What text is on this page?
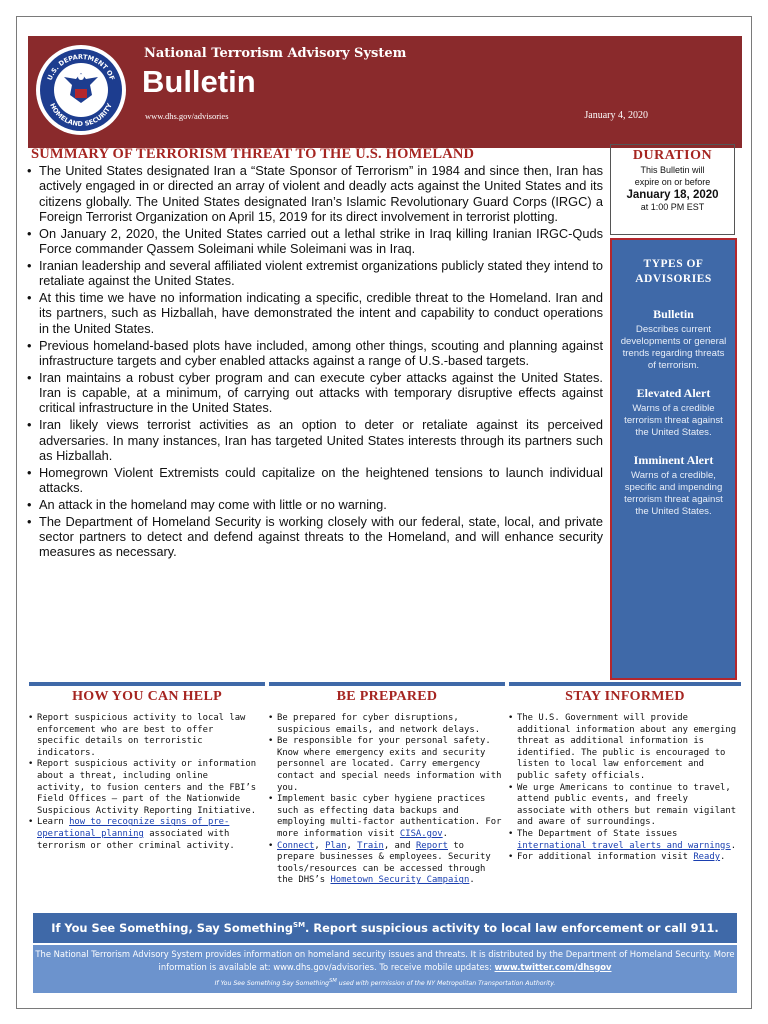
U.S. DEPARTMENT OF
HOMELAND SECURITY
National Terrorism Advisory System
Bulletin
www.dhs.gov/advisories	January 4, 2020
SUMMARY OF TERRORISM THREAT TO THE U.S. HOMELAND
• The United States designated Iran a “State Sponsor of Terrorism” in 1984 and since then, Iran has actively engaged in or directed an array of violent and deadly acts against the United States and its citizens globally. The United States designated Iran’s Islamic Revolutionary Guard Corps (IRGC) a Foreign Terrorist Organization on April 15, 2019 for its direct involvement in terrorist plotting.
• On January 2, 2020, the United States carried out a lethal strike in Iraq killing Iranian IRGC-Quds Force commander Qassem Soleimani while Soleimani was in Iraq.
• Iranian leadership and several affiliated violent extremist organizations publicly stated they intend to retaliate against the United States.
• At this time we have no information indicating a specific, credible threat to the Homeland. Iran and its partners, such as Hizballah, have demonstrated the intent and capability to conduct operations in the United States.
• Previous homeland-based plots have included, among other things, scouting and planning against infrastructure targets and cyber enabled attacks against a range of U.S.-based targets.
• Iran maintains a robust cyber program and can execute cyber attacks against the United States. Iran is capable, at a minimum, of carrying out attacks with temporary disruptive effects against critical infrastructure in the United States.
• Iran likely views terrorist activities as an option to deter or retaliate against its perceived adversaries. In many instances, Iran has targeted United States interests through its partners such as Hizballah.
• Homegrown Violent Extremists could capitalize on the heightened tensions to launch individual attacks.
• An attack in the homeland may come with little or no warning.
• The Department of Homeland Security is working closely with our federal, state, local, and private sector partners to detect and defend against threats to the Homeland, and will enhance security measures as necessary.
DURATION
This Bulletin will
expire on or before
January 18, 2020
at 1:00 PM EST
TYPES OF
ADVISORIES
Bulletin
Describes current developments or general trends regarding threats of terrorism.
Elevated Alert
Warns of a credible terrorism threat against the United States.
Imminent Alert
Warns of a credible, specific and impending terrorism threat against the United States.
HOW YOU CAN HELP
• Report suspicious activity to local law enforcement who are best to offer specific details on terroristic indicators.
• Report suspicious activity or information about a threat, including online activity, to fusion centers and the FBI’s Field Offices – part of the Nationwide Suspicious Activity Reporting Initiative.
• Learn how to recognize signs of pre-operational planning associated with terrorism or other criminal activity.
BE PREPARED
• Be prepared for cyber disruptions, suspicious emails, and network delays.
• Be responsible for your personal safety. Know where emergency exits and security personnel are located. Carry emergency contact and special needs information with you.
• Implement basic cyber hygiene practices such as effecting data backups and employing multi-factor authentication. For more information visit CISA.gov.
• Connect, Plan, Train, and Report to prepare businesses & employees. Security tools/resources can be accessed through the DHS’s Hometown Security Campaign.
STAY INFORMED
• The U.S. Government will provide additional information about any emerging threat as additional information is identified. The public is encouraged to listen to local law enforcement and public safety officials.
• We urge Americans to continue to travel, attend public events, and freely associate with others but remain vigilant and aware of surroundings.
• The Department of State issues international travel alerts and warnings.
• For additional information visit Ready.
If You See Something, Say Something℠. Report suspicious activity to local law enforcement or call 911.
The National Terrorism Advisory System provides information on homeland security issues and threats. It is distributed by the Department of Homeland Security. More information is available at: www.dhs.gov/advisories. To receive mobile updates: www.twitter.com/dhsgov
If You See Something Say Something℠ used with permission of the NY Metropolitan Transportation Authority.
